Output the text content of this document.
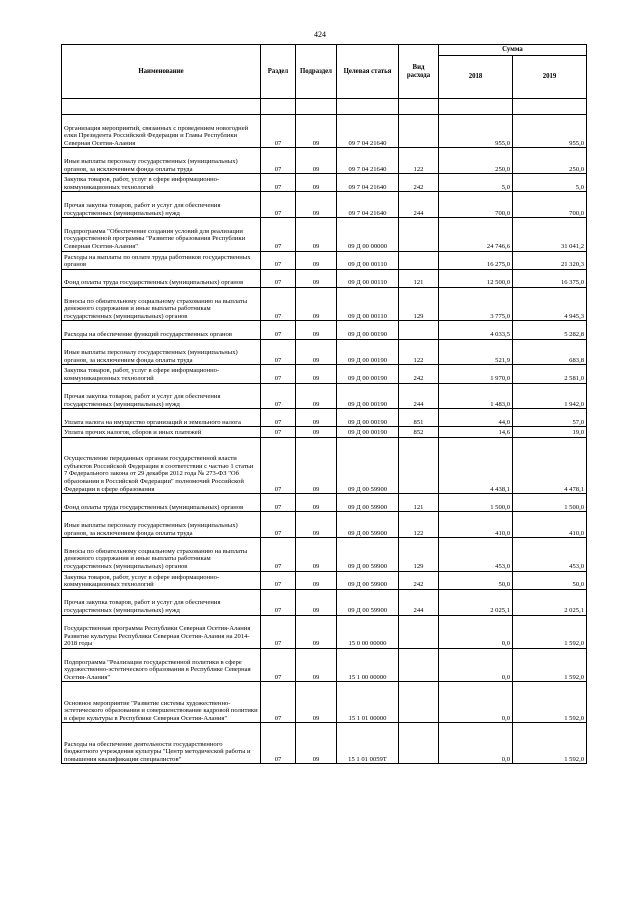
424
Наименование	Раздел	Подраздел	Целевая статья	Вид расхода	Сумма	
					2018	2019

Организация мероприятий, связанных с проведением новогодней елки Президента Российской Федерации и Главы Республики Северная Осетия-Алания	07	09	09 7 04 21640		955,0	955,0
Иные выплаты персоналу государственных (муниципальных) органов, за исключением фонда оплаты труда	07	09	09 7 04 21640	122	250,0	250,0
Закупка товаров, работ, услуг в сфере информационно-коммуникационных технологий	07	09	09 7 04 21640	242	5,0	5,0
Прочая закупка товаров, работ и услуг для обеспечения государственных (муниципальных) нужд	07	09	09 7 04 21640	244	700,0	700,0
Подпрограмма "Обеспечение создания условий для реализации государственной программы "Развитие образования Республики Северная Осетия-Алания"	07	09	09 Д 00 00000		24 746,6	31 041,2
Расходы на выплаты по оплате труда работников государственных органов	07	09	09 Д 00 00110		16 275,0	21 320,3
Фонд оплаты труда государственных (муниципальных) органов	07	09	09 Д 00 00110	121	12 500,0	16 375,0
Взносы по обязательному социальному страхованию на выплаты денежного содержания и иные выплаты работникам государственных (муниципальных) органов	07	09	09 Д 00 00110	129	3 775,0	4 945,3
Расходы на обеспечение функций государственных органов	07	09	09 Д 00 00190		4 033,5	5 282,8
Иные выплаты персоналу государственных (муниципальных) органов, за исключением фонда оплаты труда	07	09	09 Д 00 00190	122	521,9	683,8
Закупка товаров, работ, услуг в сфере информационно-коммуникационных технологий	07	09	09 Д 00 00190	242	1 970,0	2 581,0
Прочая закупка товаров, работ и услуг для обеспечения государственных (муниципальных) нужд	07	09	09 Д 00 00190	244	1 483,0	1 942,0
Уплата налога на имущество организаций и земельного налога	07	09	09 Д 00 00190	851	44,0	57,0
Уплата прочих налогов, сборов и иных платежей	07	09	09 Д 00 00190	852	14,6	19,0
Осуществление переданных органам государственной власти субъектов Российской Федерации в соответствии с частью 1 статьи 7 Федерального закона от 29 декабря 2012 года № 273-ФЗ "Об образовании в Российской Федерации" полномочий Российской Федерации в сфере образования	07	09	09 Д 00 59900		4 438,1	4 478,1
Фонд оплаты труда государственных (муниципальных) органов	07	09	09 Д 00 59900	121	1 500,0	1 500,0
Иные выплаты персоналу государственных (муниципальных) органов, за исключением фонда оплаты труда	07	09	09 Д 00 59900	122	410,0	410,0
Взносы по обязательному социальному страхованию на выплаты денежного содержания и иные выплаты работникам государственных (муниципальных) органов	07	09	09 Д 00 59900	129	453,0	453,0
Закупка товаров, работ, услуг в сфере информационно-коммуникационных технологий	07	09	09 Д 00 59900	242	50,0	50,0
Прочая закупка товаров, работ и услуг для обеспечения государственных (муниципальных) нужд	07	09	09 Д 00 59900	244	2 025,1	2 025,1
Государственная программа Республики Северная Осетия-Алания Развитие культуры Республики Северная Осетия-Алания на 2014-2018 годы	07	09	15 0 00 00000		0,0	1 592,0
Подпрограмма "Реализация государственной политики в сфере художественно-эстетического образования в Республике Северная Осетия-Алания"	07	09	15 1 00 00000		0,0	1 592,0
Основное мероприятие "Развитие системы художественно-эстетического образования и совершенствование кадровой политики в сфере культуры в Республике Северная Осетия-Алания"	07	09	15 1 01 00000		0,0	1 592,0
Расходы на обеспечение деятельности государственного бюджетного учреждения культуры "Центр методической работы и повышения квалификации специалистов"	07	09	15 1 01 0059Т		0,0	1 592,0
